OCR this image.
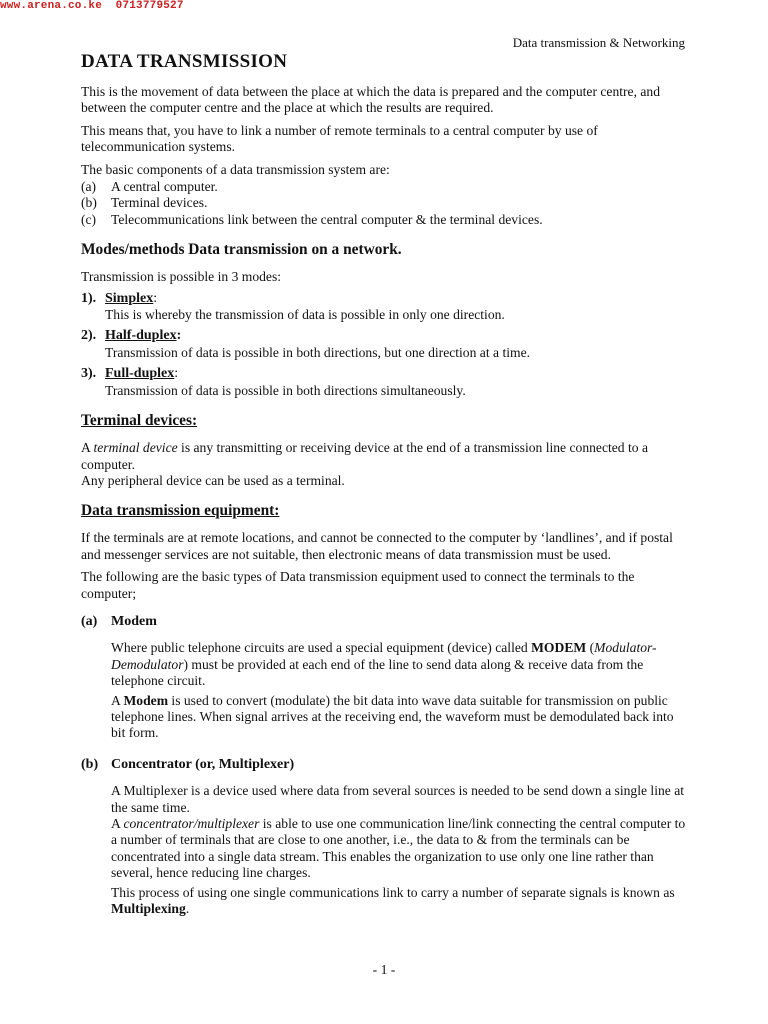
www.arena.co.ke 0713779527
Data transmission & Networking
DATA TRANSMISSION

This is the movement of data between the place at which the data is prepared and the computer centre, and between the computer centre and the place at which the results are required.

This means that, you have to link a number of remote terminals to a central computer by use of telecommunication systems.

The basic components of a data transmission system are:

(a)	A central computer.
(b)	Terminal devices.
(c)	Telecommunications link between the central computer & the terminal devices.
Modes/methods Data transmission on a network.

Transmission is possible in 3 modes:

1). Simplex :
This is whereby the transmission of data is possible in only one direction.
2). Half-duplex :
Transmission of data is possible in both directions, but one direction at a time.
3). Full-duplex :
Transmission of data is possible in both directions simultaneously.
Terminal devices:

A terminal device is any transmitting or receiving device at the end of a transmission line connected to a computer.

Any peripheral device can be used as a terminal.

Data transmission equipment:

If the terminals are at remote locations, and cannot be connected to the computer by ‘landlines’, and if postal and messenger services are not suitable, then electronic means of data transmission must be used.

The following are the basic types of Data transmission equipment used to connect the terminals to the computer;

(a) Modem

Where public telephone circuits are used a special equipment (device) called MODEM (Modulator-Demodulator) must be provided at each end of the line to send data along & receive data from the telephone circuit.

A Modem is used to convert (modulate) the bit data into wave data suitable for transmission on public telephone lines. When signal arrives at the receiving end, the waveform must be demodulated back into bit form.

(b) Concentrator (or, Multiplexer)

A Multiplexer is a device used where data from several sources is needed to be send down a single line at the same time.

A concentrator/multiplexer is able to use one communication line/link connecting the central computer to a number of terminals that are close to one another, i.e., the data to & from the terminals can be concentrated into a single data stream. This enables the organization to use only one line rather than several, hence reducing line charges.

This process of using one single communications link to carry a number of separate signals is known as Multiplexing.

- 1 -
